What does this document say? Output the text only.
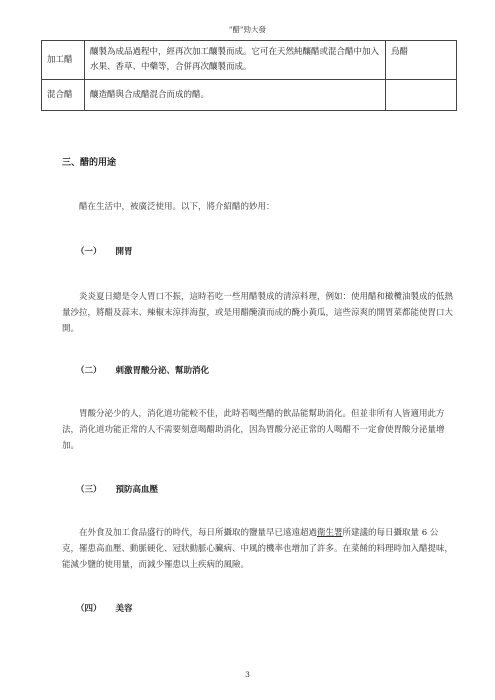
"醋"勁大發
加工醋	釀製為成品過程中，經再次加工釀製而成。它可在天然純釀醋或混合醋中加入水果、香草、中藥等，合併再次釀製而成。	烏醋
混合醋	釀造醋與合成醋混合而成的醋。	
三、醋的用途

醋在生活中，被廣泛使用。以下，將介紹醋的妙用：

（一） 開胃

炎炎夏日總是令人胃口不振，這時若吃一些用醋製成的清涼料理，例如：使用醋和橄欖油製成的低熱量沙拉，將醋及蒜末、辣椒末涼拌海蜇，或是用醋醃漬而成的醃小黃瓜，這些涼爽的開胃菜都能使胃口大開。

（二） 刺激胃酸分泌、幫助消化

胃酸分泌少的人，消化道功能較不佳，此時若喝些醋的飲品能幫助消化。但並非所有人皆適用此方法，消化道功能正常的人不需要刻意喝醋助消化，因為胃酸分泌正常的人喝醋不一定會使胃酸分泌量增加。

（三） 預防高血壓

在外食及加工食品盛行的時代，每日所攝取的鹽量早已遠遠超過衛生署所建議的每日攝取量 6 公克，罹患高血壓、動脈硬化、冠狀動脈心臟病、中風的機率也增加了許多。在菜餚的料理時加入醋提味，能減少鹽的使用量，而減少罹患以上疾病的風險。

（四） 美容
3
